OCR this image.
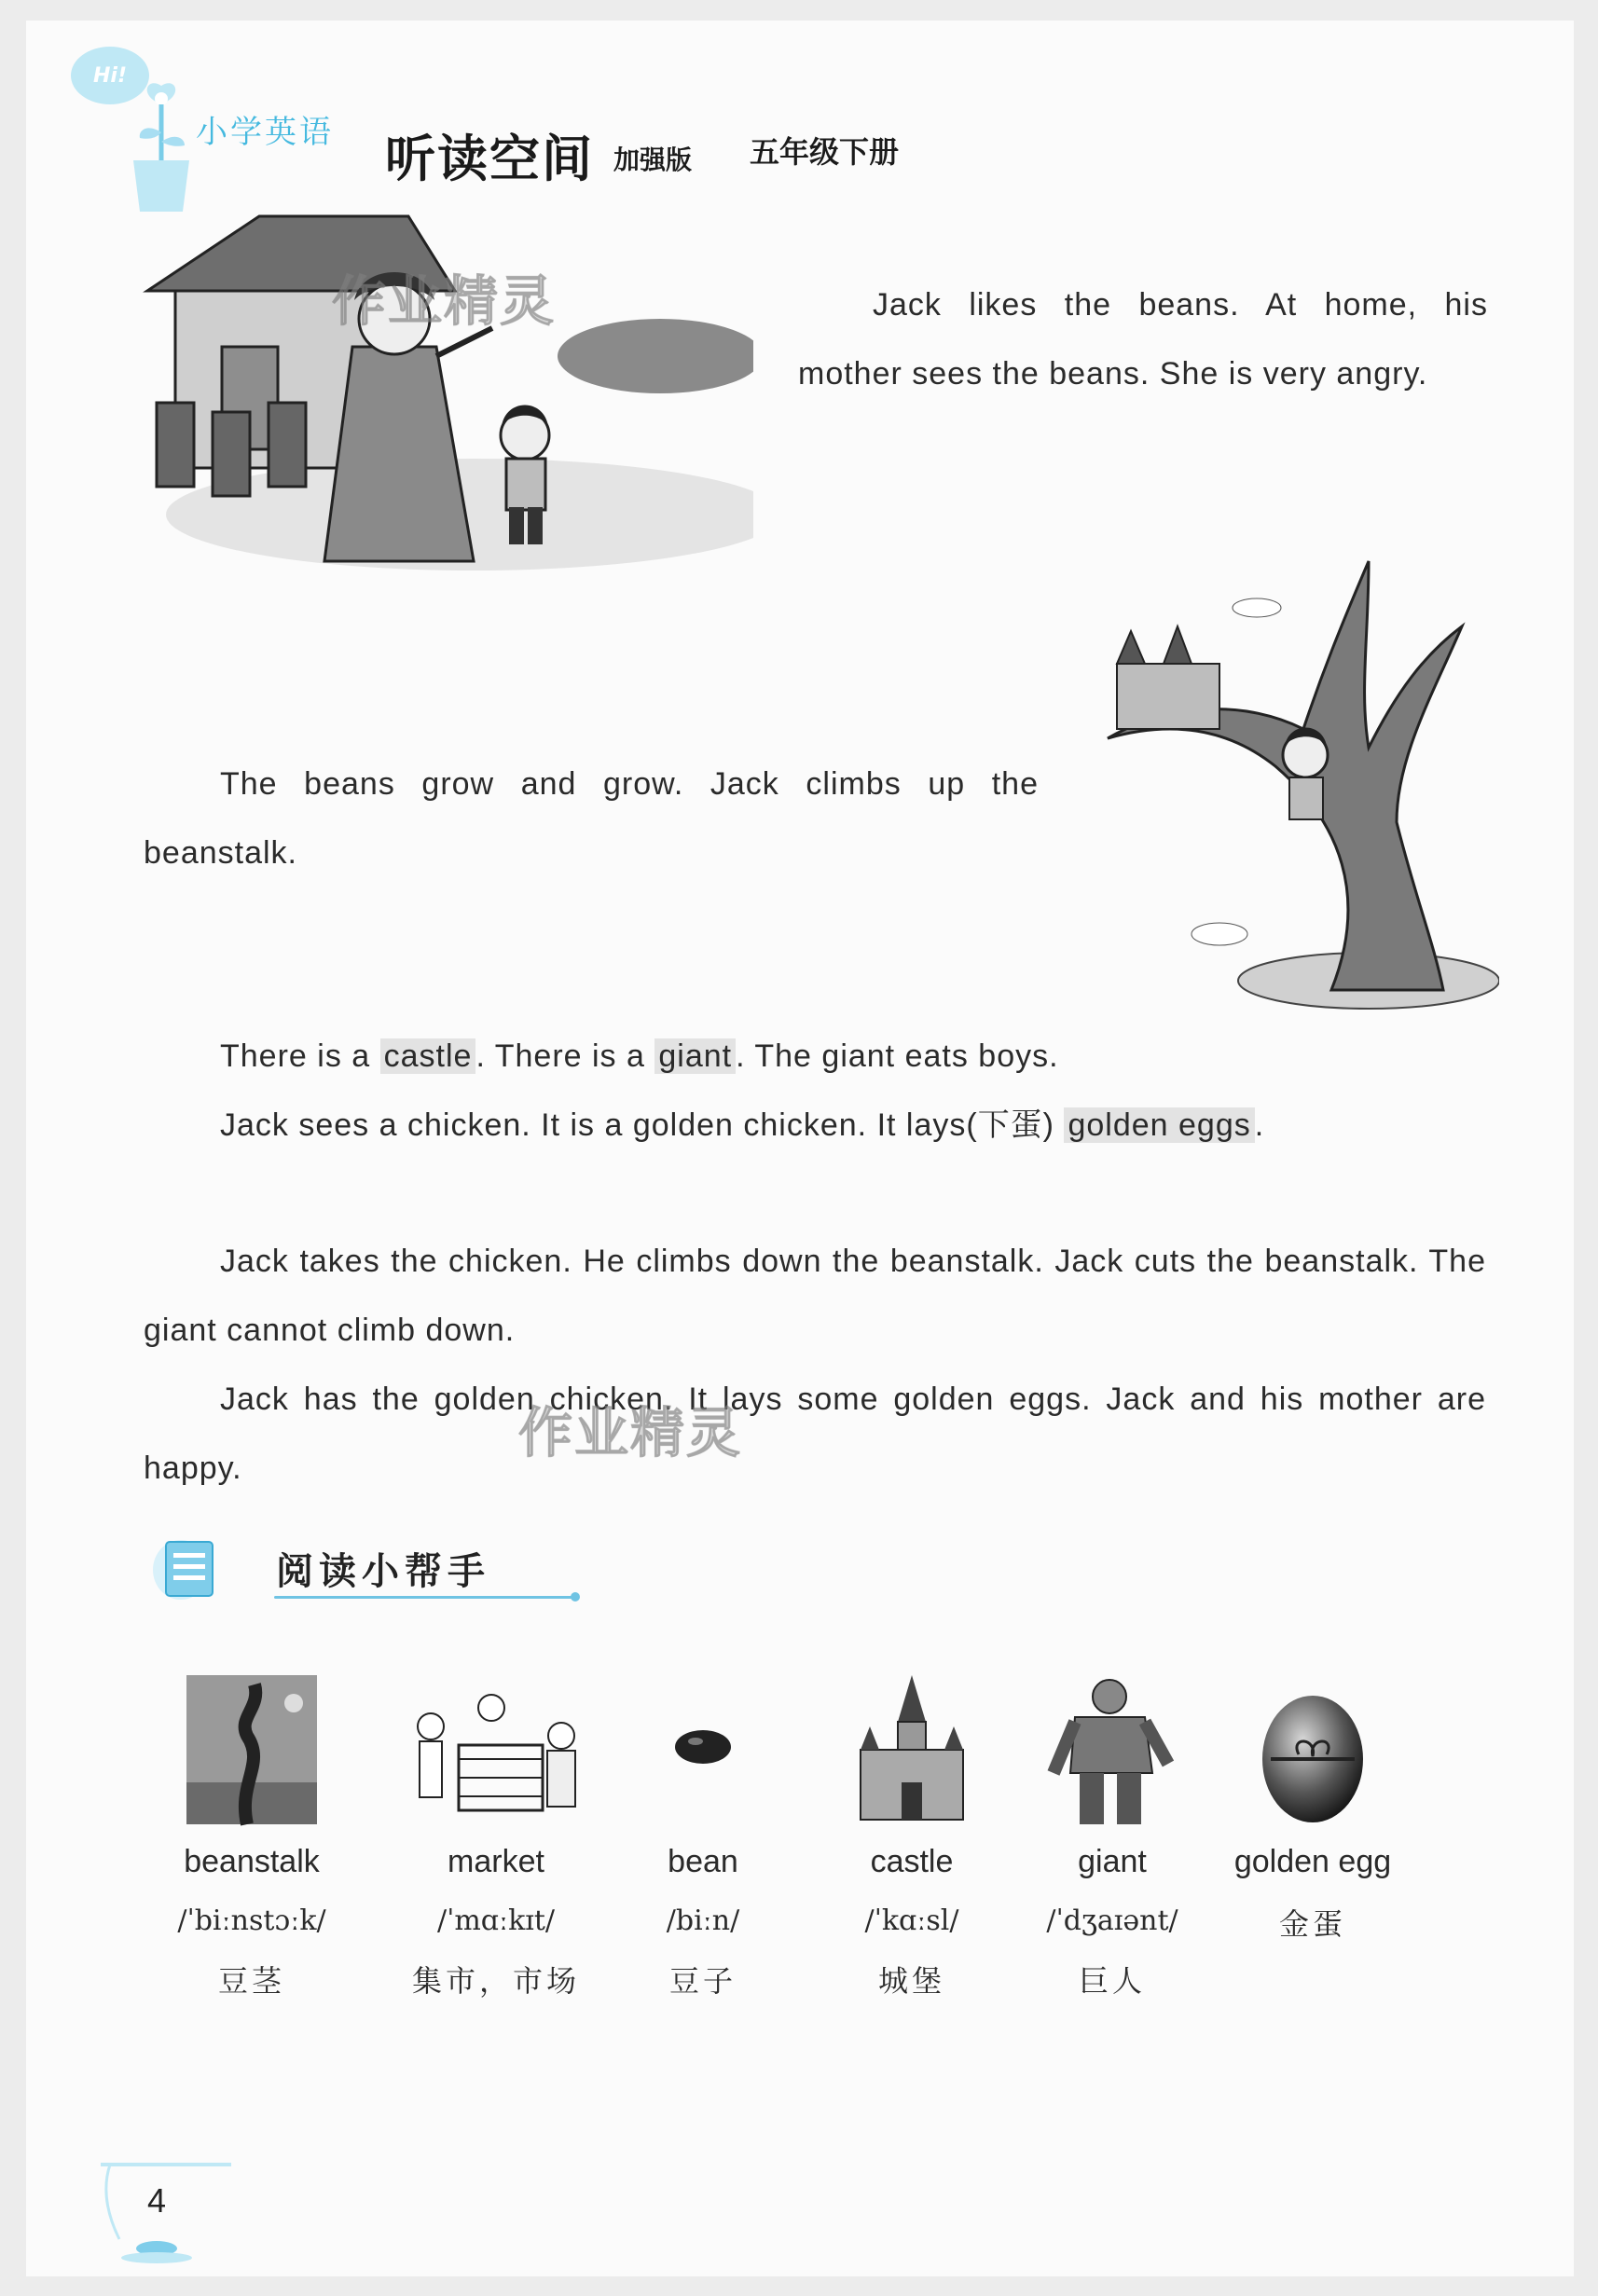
Hi!
小学英语 听读空间 加强版 五年级下册
Jack likes the beans. At home, his mother sees the beans. She is very angry.
The beans grow and grow. Jack climbs up the beanstalk.
There is a castle . There is a giant . The giant eats boys.
Jack sees a chicken. It is a golden chicken. It lays(下蛋) golden eggs .
Jack takes the chicken. He climbs down the beanstalk. Jack cuts the beanstalk. The giant cannot climb down.
Jack has the golden chicken. It lays some golden eggs. Jack and his mother are happy.
作业精灵
作业精灵
阅读小帮手
beanstalk
/ˈbiːnstɔːk/
豆茎
market
/ˈmɑːkɪt/
集市，市场
bean
/biːn/
豆子
castle
/ˈkɑːsl/
城堡
giant
/ˈdʒaɪənt/
巨人
golden egg
金蛋
4
